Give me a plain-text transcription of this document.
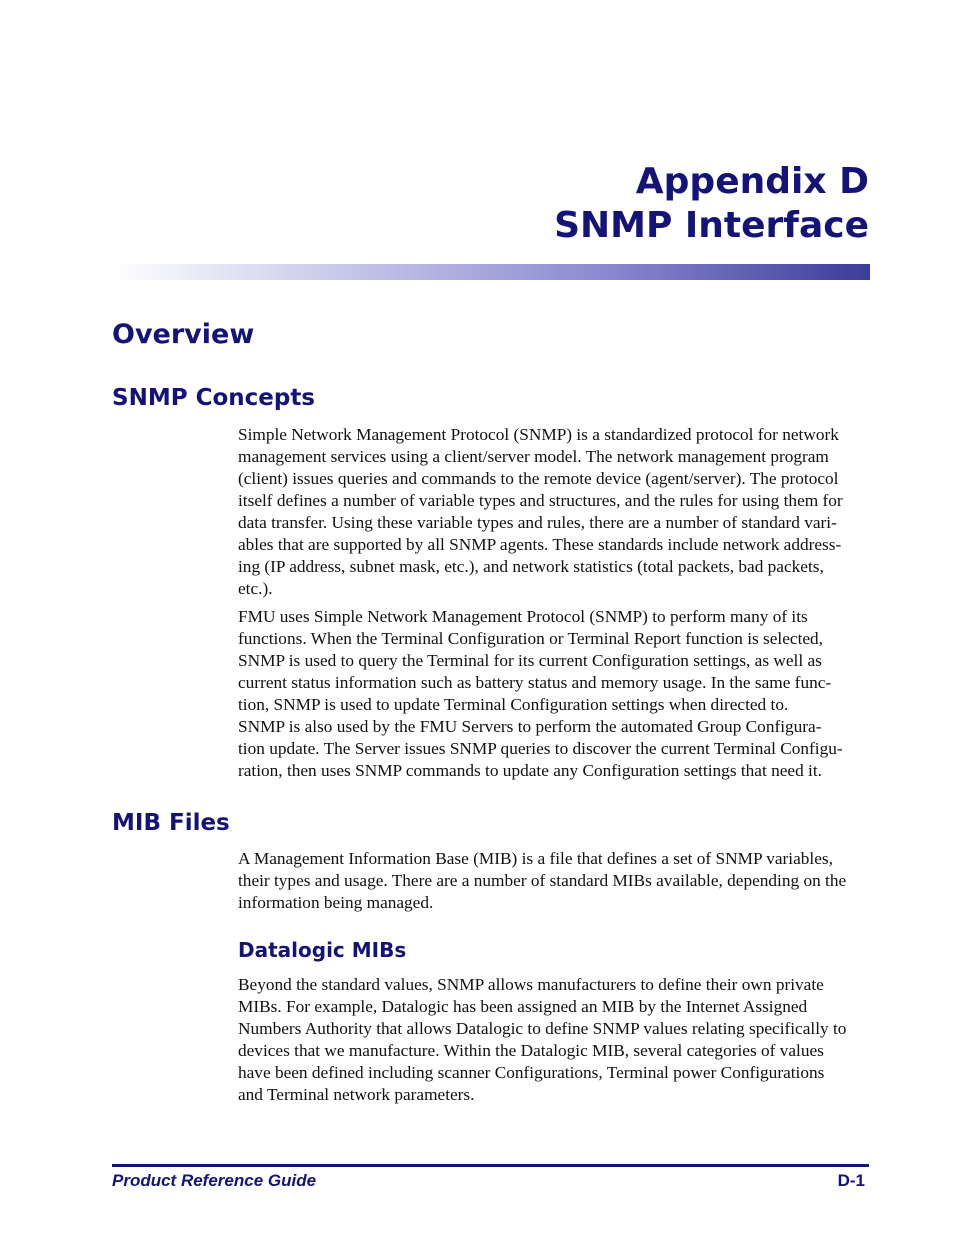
Appendix D
SNMP Interface
Overview
SNMP Concepts

Simple Network Management Protocol (SNMP) is a standardized protocol for network
management services using a client/server model. The network management program
(client) issues queries and commands to the remote device (agent/server). The protocol
itself defines a number of variable types and structures, and the rules for using them for
data transfer. Using these variable types and rules, there are a number of standard vari-
ables that are supported by all SNMP agents. These standards include network address-
ing (IP address, subnet mask, etc.), and network statistics (total packets, bad packets,
etc.).

FMU uses Simple Network Management Protocol (SNMP) to perform many of its
functions. When the Terminal Configuration or Terminal Report function is selected,
SNMP is used to query the Terminal for its current Configuration settings, as well as
current status information such as battery status and memory usage. In the same func-
tion, SNMP is used to update Terminal Configuration settings when directed to.
SNMP is also used by the FMU Servers to perform the automated Group Configura-
tion update. The Server issues SNMP queries to discover the current Terminal Configu-
ration, then uses SNMP commands to update any Configuration settings that need it.

MIB Files

A Management Information Base (MIB) is a file that defines a set of SNMP variables,
their types and usage. There are a number of standard MIBs available, depending on the
information being managed.

Datalogic MIBs

Beyond the standard values, SNMP allows manufacturers to define their own private
MIBs. For example, Datalogic has been assigned an MIB by the Internet Assigned
Numbers Authority that allows Datalogic to define SNMP values relating specifically to
devices that we manufacture. Within the Datalogic MIB, several categories of values
have been defined including scanner Configurations, Terminal power Configurations
and Terminal network parameters.

Product Reference Guide	D-1
